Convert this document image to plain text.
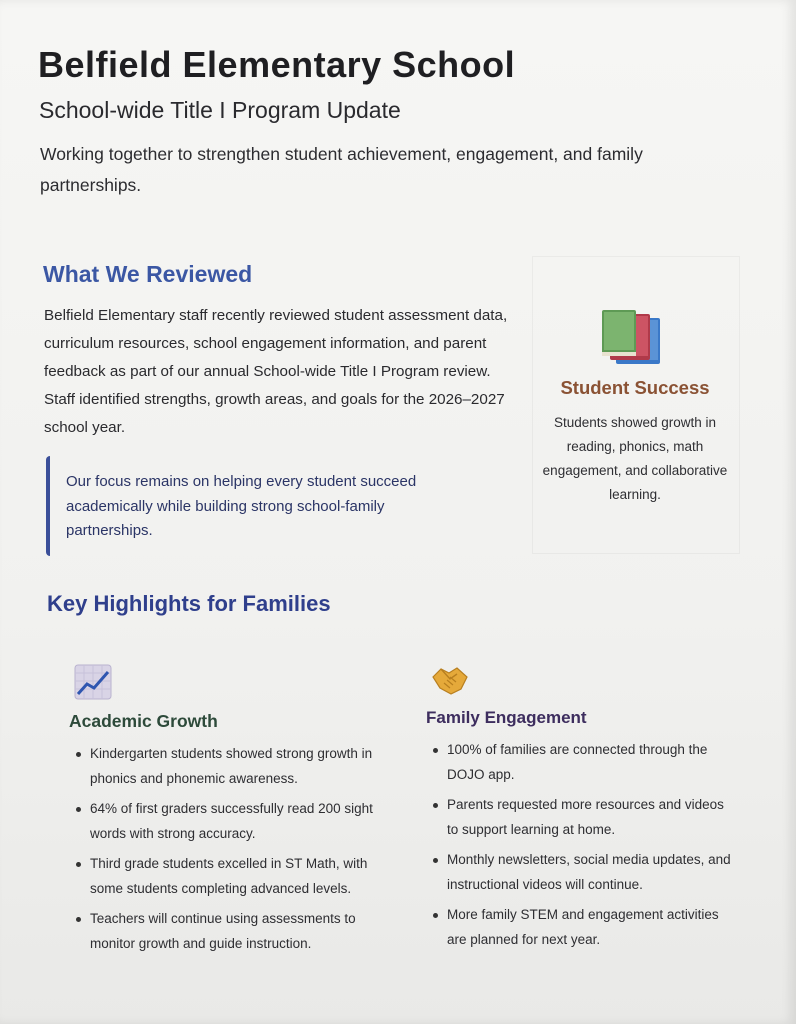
Belfield Elementary School
School-wide Title I Program Update
Working together to strengthen student achievement, engagement, and family partnerships.
What We Reviewed
Belfield Elementary staff recently reviewed student assessment data, curriculum resources, school engagement information, and parent feedback as part of our annual School-wide Title I Program review. Staff identified strengths, growth areas, and goals for the 2026–2027 school year.
Our focus remains on helping every student succeed academically while building strong school-family partnerships.
Student Success
Students showed growth in reading, phonics, math engagement, and collaborative learning.
Key Highlights for Families
Academic Growth
Kindergarten students showed strong growth in phonics and phonemic awareness.
64% of first graders successfully read 200 sight words with strong accuracy.
Third grade students excelled in ST Math, with some students completing advanced levels.
Teachers will continue using assessments to monitor growth and guide instruction.
Family Engagement
100% of families are connected through the DOJO app.
Parents requested more resources and videos to support learning at home.
Monthly newsletters, social media updates, and instructional videos will continue.
More family STEM and engagement activities are planned for next year.
